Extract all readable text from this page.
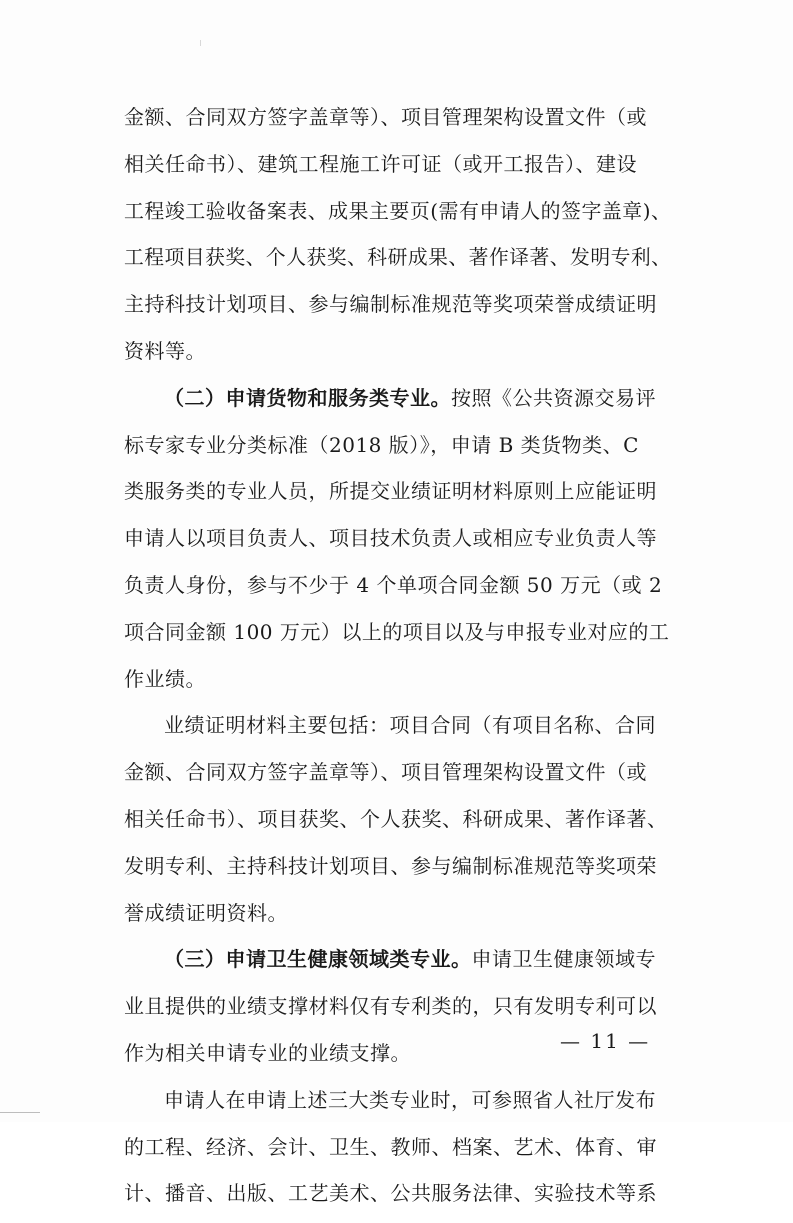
金额、合同双方签字盖章等）、项目管理架构设置文件（或
相关任命书）、建筑工程施工许可证（或开工报告）、建设
工程竣工验收备案表、成果主要页(需有申请人的签字盖章)、
工程项目获奖、个人获奖、科研成果、著作译著、发明专利、
主持科技计划项目、参与编制标准规范等奖项荣誉成绩证明
资料等。
（二）申请货物和服务类专业。按照《公共资源交易评
标专家专业分类标准（2018 版）》，申请 B 类货物类、C
类服务类的专业人员，所提交业绩证明材料原则上应能证明
申请人以项目负责人、项目技术负责人或相应专业负责人等
负责人身份，参与不少于 4 个单项合同金额 50 万元（或 2
项合同金额 100 万元）以上的项目以及与申报专业对应的工
作业绩。
业绩证明材料主要包括：项目合同（有项目名称、合同
金额、合同双方签字盖章等）、项目管理架构设置文件（或
相关任命书）、项目获奖、个人获奖、科研成果、著作译著、
发明专利、主持科技计划项目、参与编制标准规范等奖项荣
誉成绩证明资料。
（三）申请卫生健康领域类专业。申请卫生健康领域专
业且提供的业绩支撑材料仅有专利类的，只有发明专利可以
作为相关申请专业的业绩支撑。
申请人在申请上述三大类专业时，可参照省人社厅发布
的工程、经济、会计、卫生、教师、档案、艺术、体育、审
计、播音、出版、工艺美术、公共服务法律、实验技术等系
— 11 —
